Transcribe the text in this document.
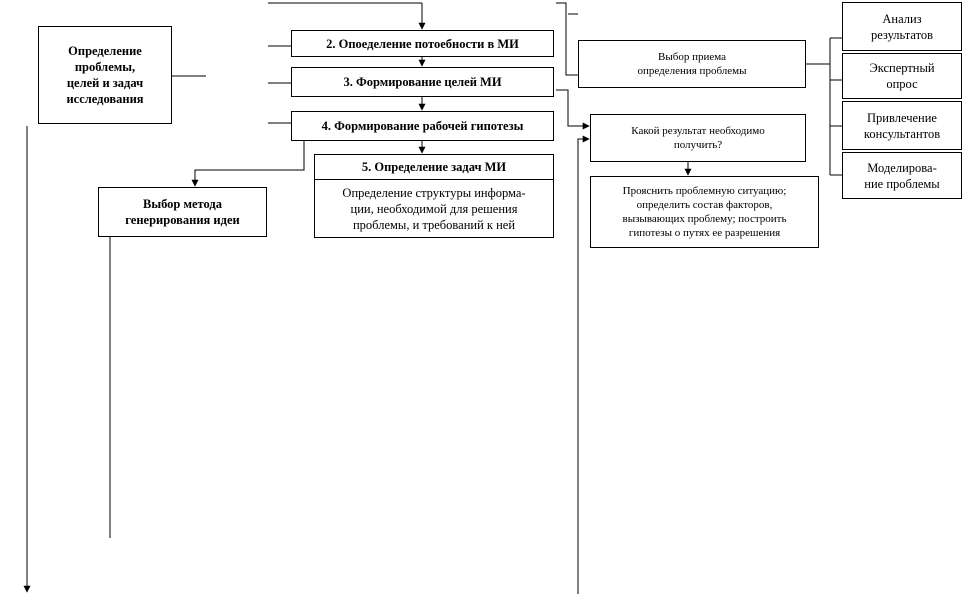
Определение
проблемы,
целей и задач
исследования
2. Опоеделение потоебности в МИ
3. Формирование целей МИ
4. Формирование рабочей гипотезы
5. Определение задач МИ
Определение структуры информа-
ции, необходимой для решения
проблемы, и требований к ней
Выбор метода
генерирования идеи
Выбор приема
определения проблемы
Анализ
результатов
Экспертный
опрос
Привлечение
консультантов
Моделирова-
ние проблемы
Какой результат необходимо
получить?
Прояснить проблемную ситуацию;
определить состав факторов,
вызывающих проблему; построить
гипотезы о путях ее разрешения
